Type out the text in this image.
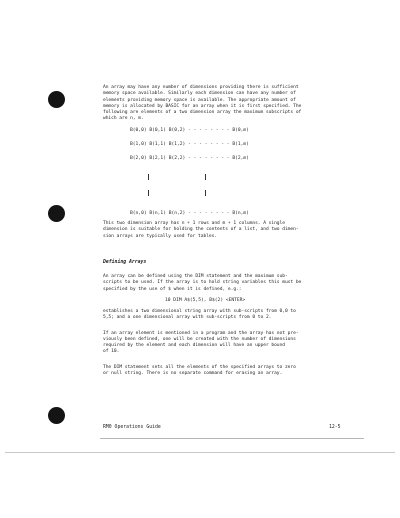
An array may have any number of dimensions providing there is sufficient
memory space available. Similarly each dimension can have any number of
elements providing memory space is available. The appropriate amount of
memory is allocated by BASIC for an array when it is first specified. The
following are elements of a two dimension array the maximum subscripts of
which are n, m.

B(0,0) B(0,1) B(0,2) - - - - - - - - B(0,m)
B(1,0) B(1,1) B(1,2) - - - - - - - - B(1,m)
B(2,0) B(2,1) B(2,2) - - - - - - - - B(2,m)
B(n,0) B(n,1) B(n,2) - - - - - - - - B(n,m)

This two dimension array has n + 1 rows and m + 1 columns. A single
dimension is suitable for holding the contents of a list, and two dimen-
sion arrays are typically used for tables.

Defining Arrays

An array can be defined using the DIM statement and the maximum sub-
scripts to be used. If the array is to hold string variables this must be
specified by the use of $ when it is defined, e.g.:

10 DIM A$(5,5), B$(2) <ENTER>

establishes a two dimensional string array with sub-scripts from 0,0 to
5,5; and a one dimensional array with sub-scripts from 0 to 2.

If an array element is mentioned in a program and the array has not pre-
viously been defined, one will be created with the number of dimensions
required by the element and each dimension will have an upper bound
of 10.

The DIM statement sets all the elements of the specified arrays to zero
or null string. There is no separate command for erasing an array.

RM0 Operations Guide	12-5
